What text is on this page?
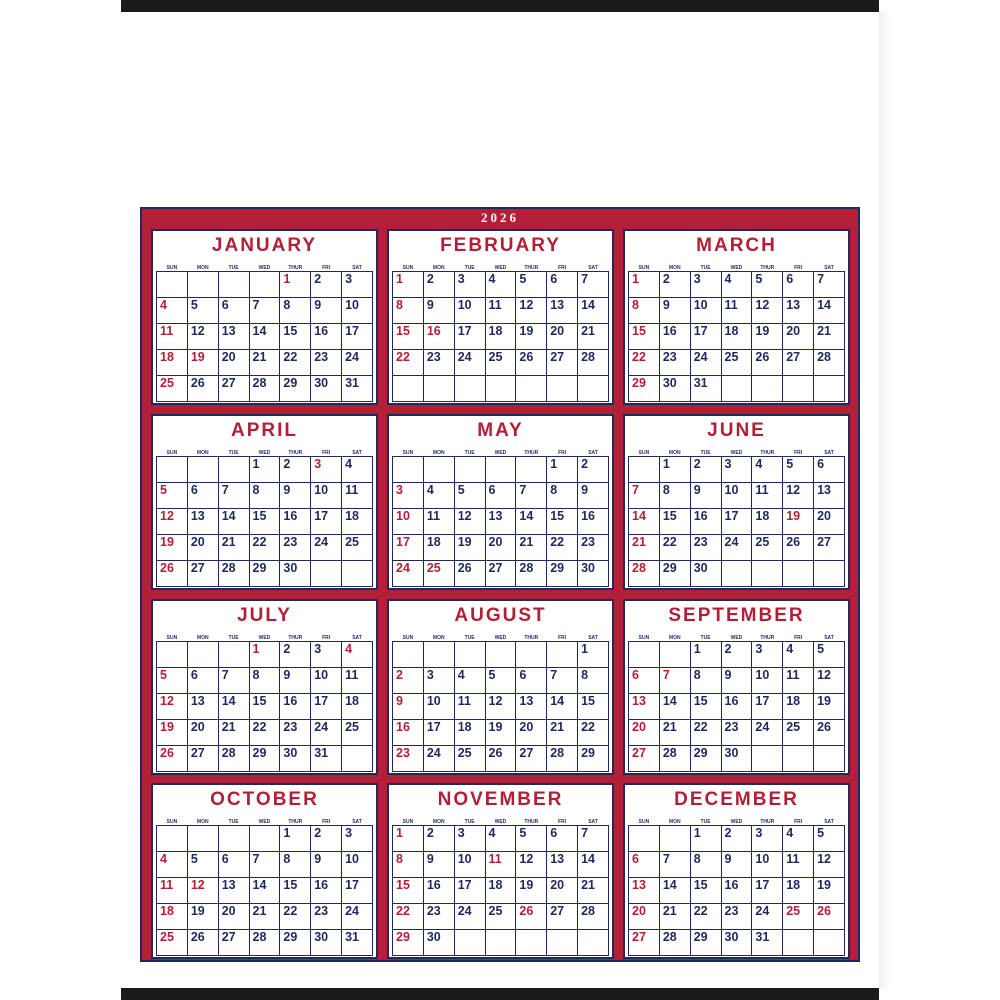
2026
JANUARY
SUN	MON	TUE	WED	THUR	FRI	SAT

				1	2	3

4	5	6	7	8	9	10

11	12	13	14	15	16	17

18	19	20	21	22	23	24

25	26	27	28	29	30	31
FEBRUARY
SUN	MON	TUE	WED	THUR	FRI	SAT

1	2	3	4	5	6	7

8	9	10	11	12	13	14

15	16	17	18	19	20	21

22	23	24	25	26	27	28

MARCH
SUN	MON	TUE	WED	THUR	FRI	SAT

1	2	3	4	5	6	7

8	9	10	11	12	13	14

15	16	17	18	19	20	21

22	23	24	25	26	27	28

29	30	31				

APRIL
SUN	MON	TUE	WED	THUR	FRI	SAT

			1	2	3	4

5	6	7	8	9	10	11

12	13	14	15	16	17	18

19	20	21	22	23	24	25

26	27	28	29	30		

MAY
SUN	MON	TUE	WED	THUR	FRI	SAT

					1	2

3	4	5	6	7	8	9

10	11	12	13	14	15	16

17	18	19	20	21	22	23

24	25	26	27	28	29	30
JUNE
SUN	MON	TUE	WED	THUR	FRI	SAT

	1	2	3	4	5	6

7	8	9	10	11	12	13

14	15	16	17	18	19	20

21	22	23	24	25	26	27

28	29	30				

JULY
SUN	MON	TUE	WED	THUR	FRI	SAT

			1	2	3	4

5	6	7	8	9	10	11

12	13	14	15	16	17	18

19	20	21	22	23	24	25

26	27	28	29	30	31	

AUGUST
SUN	MON	TUE	WED	THUR	FRI	SAT

						1

2	3	4	5	6	7	8

9	10	11	12	13	14	15

16	17	18	19	20	21	22

23	24	25	26	27	28	29
SEPTEMBER
SUN	MON	TUE	WED	THUR	FRI	SAT

		1	2	3	4	5

6	7	8	9	10	11	12

13	14	15	16	17	18	19

20	21	22	23	24	25	26

27	28	29	30			

OCTOBER
SUN	MON	TUE	WED	THUR	FRI	SAT

				1	2	3

4	5	6	7	8	9	10

11	12	13	14	15	16	17

18	19	20	21	22	23	24

25	26	27	28	29	30	31
NOVEMBER
SUN	MON	TUE	WED	THUR	FRI	SAT

1	2	3	4	5	6	7

8	9	10	11	12	13	14

15	16	17	18	19	20	21

22	23	24	25	26	27	28

29	30					

DECEMBER
SUN	MON	TUE	WED	THUR	FRI	SAT

		1	2	3	4	5

6	7	8	9	10	11	12

13	14	15	16	17	18	19

20	21	22	23	24	25	26

27	28	29	30	31		
